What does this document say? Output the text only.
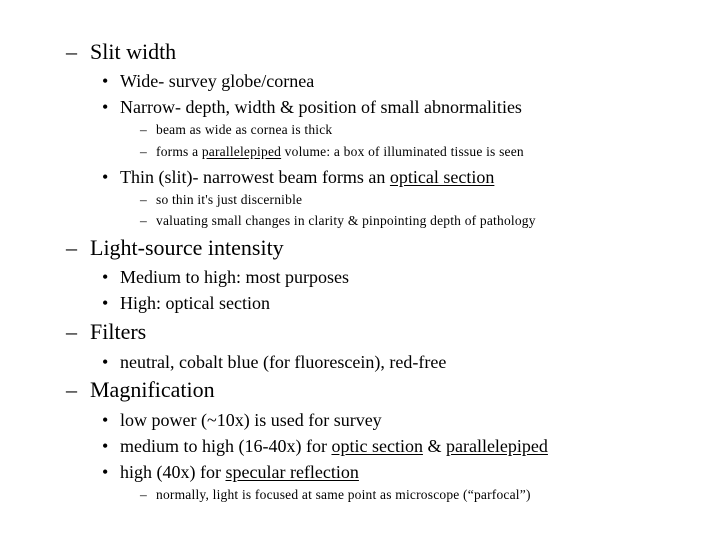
– Slit width
• Wide- survey globe/cornea
• Narrow- depth, width & position of small abnormalities
– beam as wide as cornea is thick
– forms a parallelepiped volume: a box of illuminated tissue is seen
• Thin (slit)- narrowest beam forms an optical section
– so thin it's just discernible
– valuating small changes in clarity & pinpointing depth of pathology
– Light-source intensity
• Medium to high: most purposes
• High: optical section
– Filters
• neutral, cobalt blue (for fluorescein), red-free
– Magnification
• low power (~10x) is used for survey
• medium to high (16-40x) for optic section & parallelepiped
• high (40x) for specular reflection
– normally, light is focused at same point as microscope (“parfocal”)
